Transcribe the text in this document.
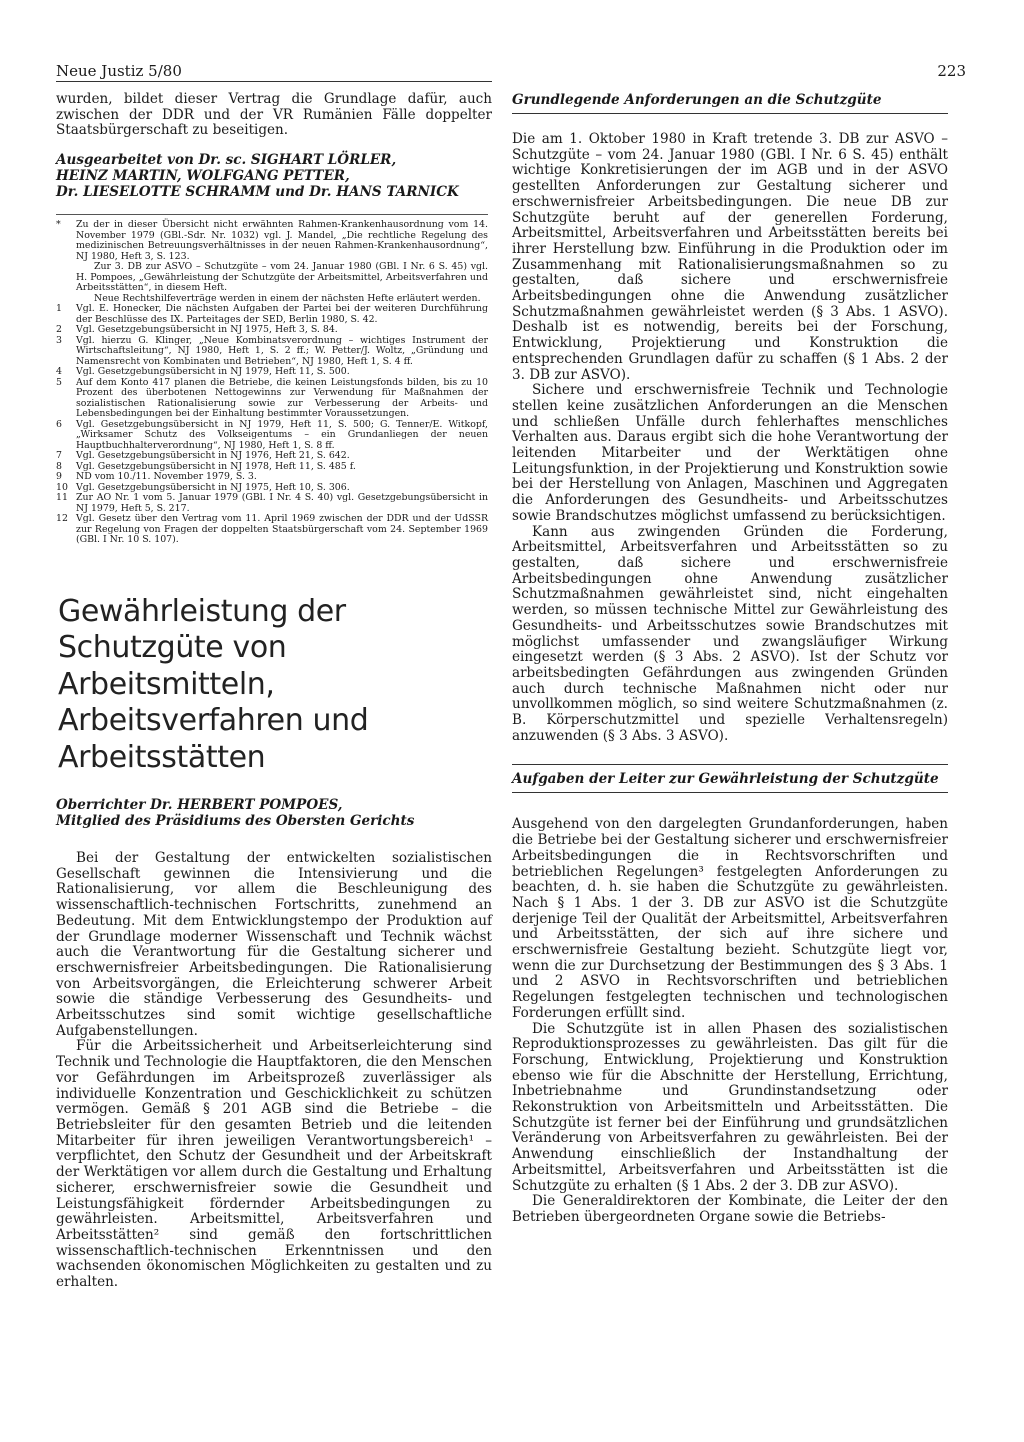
Neue Justiz 5/80	223

wurden, bildet dieser Vertrag die Grundlage dafür, auch zwischen der DDR und der VR Rumänien Fälle doppelter Staatsbürgerschaft zu beseitigen.

Ausgearbeitet von Dr. sc. SIGHART LÖRLER,
HEINZ MARTIN, WOLFGANG PETTER,
Dr. LIESELOTTE SCHRAMM und Dr. HANS TARNICK
*	Zu der in dieser Übersicht nicht erwähnten Rahmen-Krankenhausordnung vom 14. November 1979 (GBl.-Sdr. Nr. 1032) vgl. J. Mandel, „Die rechtliche Regelung des medizinischen Betreuungsverhältnisses in der neuen Rahmen-Krankenhausordnung“, NJ 1980, Heft 3, S. 123.
Zur 3. DB zur ASVO – Schutzgüte – vom 24. Januar 1980 (GBl. I Nr. 6 S. 45) vgl. H. Pompoes, „Gewährleistung der Schutzgüte der Arbeitsmittel, Arbeitsverfahren und Arbeitsstätten“, in diesem Heft.
Neue Rechtshilfeverträge werden in einem der nächsten Hefte erläutert werden.
1	Vgl. E. Honecker, Die nächsten Aufgaben der Partei bei der weiteren Durchführung der Beschlüsse des IX. Parteitages der SED, Berlin 1980, S. 42.
2	Vgl. Gesetzgebungsübersicht in NJ 1975, Heft 3, S. 84.
3	Vgl. hierzu G. Klinger, „Neue Kombinatsverordnung – wichtiges Instrument der Wirtschaftsleitung“, NJ 1980, Heft 1, S. 2 ff.; W. Petter/J. Woltz, „Gründung und Namensrecht von Kombinaten und Betrieben“, NJ 1980, Heft 1, S. 4 ff.
4	Vgl. Gesetzgebungsübersicht in NJ 1979, Heft 11, S. 500.
5	Auf dem Konto 417 planen die Betriebe, die keinen Leistungsfonds bilden, bis zu 10 Prozent des überbotenen Nettogewinns zur Verwendung für Maßnahmen der sozialistischen Rationalisierung sowie zur Verbesserung der Arbeits- und Lebensbedingungen bei der Einhaltung bestimmter Voraussetzungen.
6	Vgl. Gesetzgebungsübersicht in NJ 1979, Heft 11, S. 500; G. Tenner/E. Witkopf, „Wirksamer Schutz des Volkseigentums – ein Grundanliegen der neuen Hauptbuchhalterverordnung“, NJ 1980, Heft 1, S. 8 ff.
7	Vgl. Gesetzgebungsübersicht in NJ 1976, Heft 21, S. 642.
8	Vgl. Gesetzgebungsübersicht in NJ 1978, Heft 11, S. 485 f.
9	ND vom 10./11. November 1979, S. 3.
10 Vgl. Gesetzgebungsübersicht in NJ 1975, Heft 10, S. 306.
11 Zur AO Nr. 1 vom 5. Januar 1979 (GBl. I Nr. 4 S. 40) vgl. Gesetzgebungsübersicht in NJ 1979, Heft 5, S. 217.
12 Vgl. Gesetz über den Vertrag vom 11. April 1969 zwischen der DDR und der UdSSR zur Regelung von Fragen der doppelten Staatsbürgerschaft vom 24. September 1969 (GBl. I Nr. 10 S. 107).
Gewährleistung der Schutzgüte von Arbeitsmitteln, Arbeitsverfahren und Arbeitsstätten
Oberrichter Dr. HERBERT POMPOES,
Mitglied des Präsidiums des Obersten Gerichts

Bei der Gestaltung der entwickelten sozialistischen Gesellschaft gewinnen die Intensivierung und die Rationalisierung, vor allem die Beschleunigung des wissenschaftlich-technischen Fortschritts, zunehmend an Bedeutung. Mit dem Entwicklungstempo der Produktion auf der Grundlage moderner Wissenschaft und Technik wächst auch die Verantwortung für die Gestaltung sicherer und erschwernisfreier Arbeitsbedingungen. Die Rationalisierung von Arbeitsvorgängen, die Erleichterung schwerer Arbeit sowie die ständige Verbesserung des Gesundheits- und Arbeitsschutzes sind somit wichtige gesellschaftliche Aufgabenstellungen.

Für die Arbeitssicherheit und Arbeitserleichterung sind Technik und Technologie die Hauptfaktoren, die den Menschen vor Gefährdungen im Arbeitsprozeß zuverlässiger als individuelle Konzentration und Geschicklichkeit zu schützen vermögen. Gemäß § 201 AGB sind die Betriebe – die Betriebsleiter für den gesamten Betrieb und die leitenden Mitarbeiter für ihren jeweiligen Verantwortungsbereich¹ – verpflichtet, den Schutz der Gesundheit und der Arbeitskraft der Werktätigen vor allem durch die Gestaltung und Erhaltung sicherer, erschwernisfreier sowie die Gesundheit und Leistungsfähigkeit fördernder Arbeitsbedingungen zu gewährleisten. Arbeitsmittel, Arbeitsverfahren und Arbeitsstätten² sind gemäß den fortschrittlichen wissenschaftlich-technischen Erkenntnissen und den wachsenden ökonomischen Möglichkeiten zu gestalten und zu erhalten.

Grundlegende Anforderungen an die Schutzgüte

Die am 1. Oktober 1980 in Kraft tretende 3. DB zur ASVO – Schutzgüte – vom 24. Januar 1980 (GBl. I Nr. 6 S. 45) enthält wichtige Konkretisierungen der im AGB und in der ASVO gestellten Anforderungen zur Gestaltung sicherer und erschwernisfreier Arbeitsbedingungen. Die neue DB zur Schutzgüte beruht auf der generellen Forderung, Arbeitsmittel, Arbeitsverfahren und Arbeitsstätten bereits bei ihrer Herstellung bzw. Einführung in die Produktion oder im Zusammenhang mit Rationalisierungsmaßnahmen so zu gestalten, daß sichere und erschwernisfreie Arbeitsbedingungen ohne die Anwendung zusätzlicher Schutzmaßnahmen gewährleistet werden (§ 3 Abs. 1 ASVO). Deshalb ist es notwendig, bereits bei der Forschung, Entwicklung, Projektierung und Konstruktion die entsprechenden Grundlagen dafür zu schaffen (§ 1 Abs. 2 der 3. DB zur ASVO).

Sichere und erschwernisfreie Technik und Technologie stellen keine zusätzlichen Anforderungen an die Menschen und schließen Unfälle durch fehlerhaftes menschliches Verhalten aus. Daraus ergibt sich die hohe Verantwortung der leitenden Mitarbeiter und der Werktätigen ohne Leitungsfunktion, in der Projektierung und Konstruktion sowie bei der Herstellung von Anlagen, Maschinen und Aggregaten die Anforderungen des Gesundheits- und Arbeitsschutzes sowie Brandschutzes möglichst umfassend zu berücksichtigen.

Kann aus zwingenden Gründen die Forderung, Arbeitsmittel, Arbeitsverfahren und Arbeitsstätten so zu gestalten, daß sichere und erschwernisfreie Arbeitsbedingungen ohne Anwendung zusätzlicher Schutzmaßnahmen gewährleistet sind, nicht eingehalten werden, so müssen technische Mittel zur Gewährleistung des Gesundheits- und Arbeitsschutzes sowie Brandschutzes mit möglichst umfassender und zwangsläufiger Wirkung eingesetzt werden (§ 3 Abs. 2 ASVO). Ist der Schutz vor arbeitsbedingten Gefährdungen aus zwingenden Gründen auch durch technische Maßnahmen nicht oder nur unvollkommen möglich, so sind weitere Schutzmaßnahmen (z. B. Körperschutzmittel und spezielle Verhaltensregeln) anzuwenden (§ 3 Abs. 3 ASVO).

Aufgaben der Leiter zur Gewährleistung der Schutzgüte

Ausgehend von den dargelegten Grundanforderungen, haben die Betriebe bei der Gestaltung sicherer und erschwernisfreier Arbeitsbedingungen die in Rechtsvorschriften und betrieblichen Regelungen³ festgelegten Anforderungen zu beachten, d. h. sie haben die Schutzgüte zu gewährleisten. Nach § 1 Abs. 1 der 3. DB zur ASVO ist die Schutzgüte derjenige Teil der Qualität der Arbeitsmittel, Arbeitsverfahren und Arbeitsstätten, der sich auf ihre sichere und erschwernisfreie Gestaltung bezieht. Schutzgüte liegt vor, wenn die zur Durchsetzung der Bestimmungen des § 3 Abs. 1 und 2 ASVO in Rechtsvorschriften und betrieblichen Regelungen festgelegten technischen und technologischen Forderungen erfüllt sind.

Die Schutzgüte ist in allen Phasen des sozialistischen Reproduktionsprozesses zu gewährleisten. Das gilt für die Forschung, Entwicklung, Projektierung und Konstruktion ebenso wie für die Abschnitte der Herstellung, Errichtung, Inbetriebnahme und Grundinstandsetzung oder Rekonstruktion von Arbeitsmitteln und Arbeitsstätten. Die Schutzgüte ist ferner bei der Einführung und grundsätzlichen Veränderung von Arbeitsverfahren zu gewährleisten. Bei der Anwendung einschließlich der Instandhaltung der Arbeitsmittel, Arbeitsverfahren und Arbeitsstätten ist die Schutzgüte zu erhalten (§ 1 Abs. 2 der 3. DB zur ASVO).

Die Generaldirektoren der Kombinate, die Leiter der den Betrieben übergeordneten Organe sowie die Betriebs-
